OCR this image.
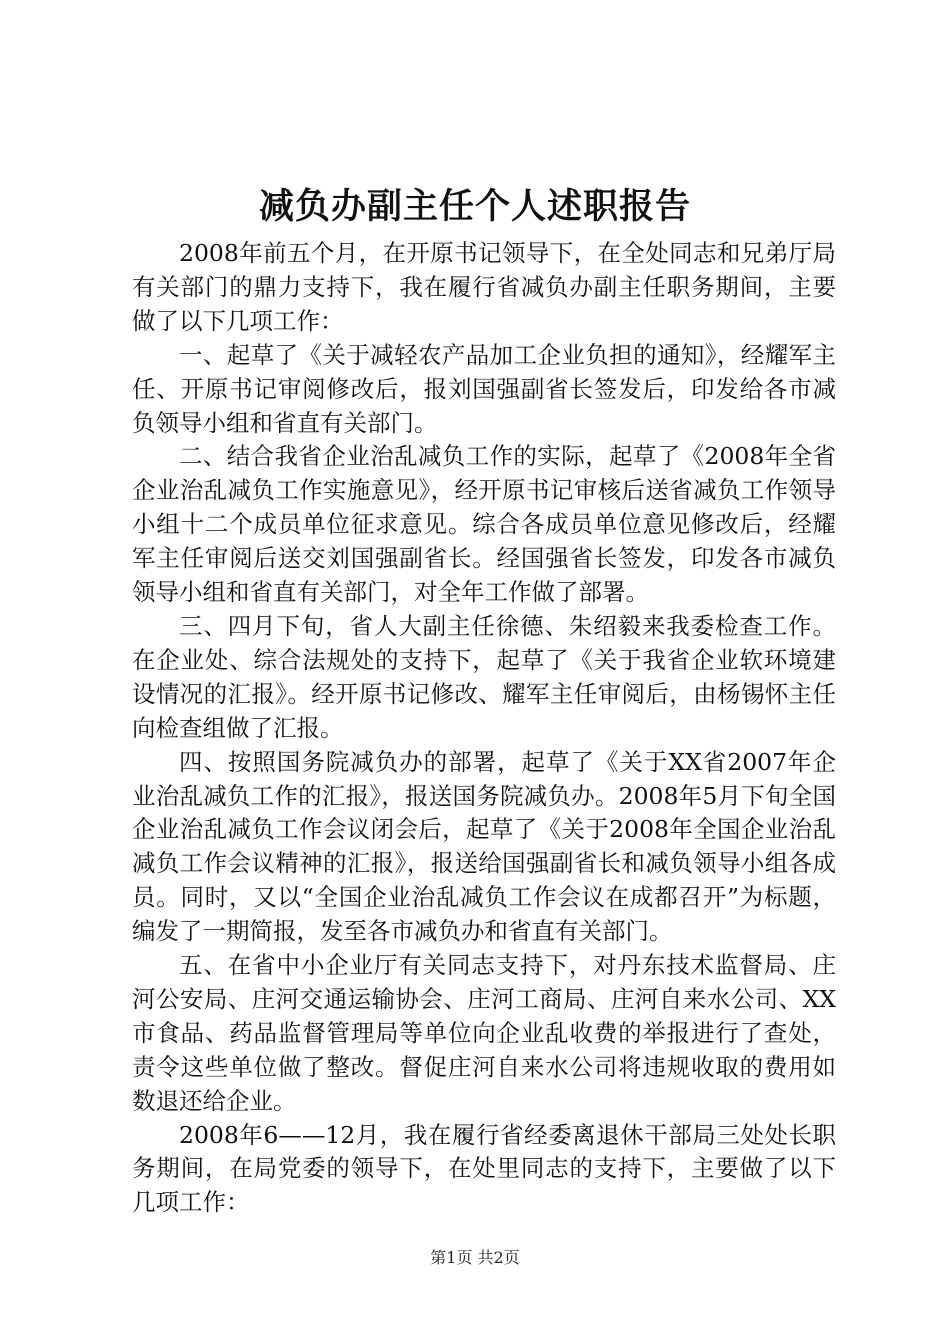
减负办副主任个人述职报告

2008年前五个月，在开原书记领导下，在全处同志和兄弟厅局有关部门的鼎力支持下，我在履行省减负办副主任职务期间，主要做了以下几项工作：

一、起草了《关于减轻农产品加工企业负担的通知》，经耀军主任、开原书记审阅修改后，报刘国强副省长签发后，印发给各市减负领导小组和省直有关部门。

二、结合我省企业治乱减负工作的实际，起草了《2008年全省企业治乱减负工作实施意见》，经开原书记审核后送省减负工作领导小组十二个成员单位征求意见。综合各成员单位意见修改后，经耀军主任审阅后送交刘国强副省长。经国强省长签发，印发各市减负领导小组和省直有关部门，对全年工作做了部署。

三、四月下旬，省人大副主任徐德、朱绍毅来我委检查工作。在企业处、综合法规处的支持下，起草了《关于我省企业软环境建设情况的汇报》。经开原书记修改、耀军主任审阅后，由杨锡怀主任向检查组做了汇报。

四、按照国务院减负办的部署，起草了《关于XX省2007年企业治乱减负工作的汇报》，报送国务院减负办。2008年5月下旬全国企业治乱减负工作会议闭会后，起草了《关于2008年全国企业治乱减负工作会议精神的汇报》，报送给国强副省长和减负领导小组各成员。同时，又以“全国企业治乱减负工作会议在成都召开”为标题，编发了一期简报，发至各市减负办和省直有关部门。

五、在省中小企业厅有关同志支持下，对丹东技术监督局、庄河公安局、庄河交通运输协会、庄河工商局、庄河自来水公司、XX市食品、药品监督管理局等单位向企业乱收费的举报进行了查处，责令这些单位做了整改。督促庄河自来水公司将违规收取的费用如数退还给企业。

2008年6——12月，我在履行省经委离退休干部局三处处长职务期间，在局党委的领导下，在处里同志的支持下，主要做了以下几项工作：

第1页 共2页
